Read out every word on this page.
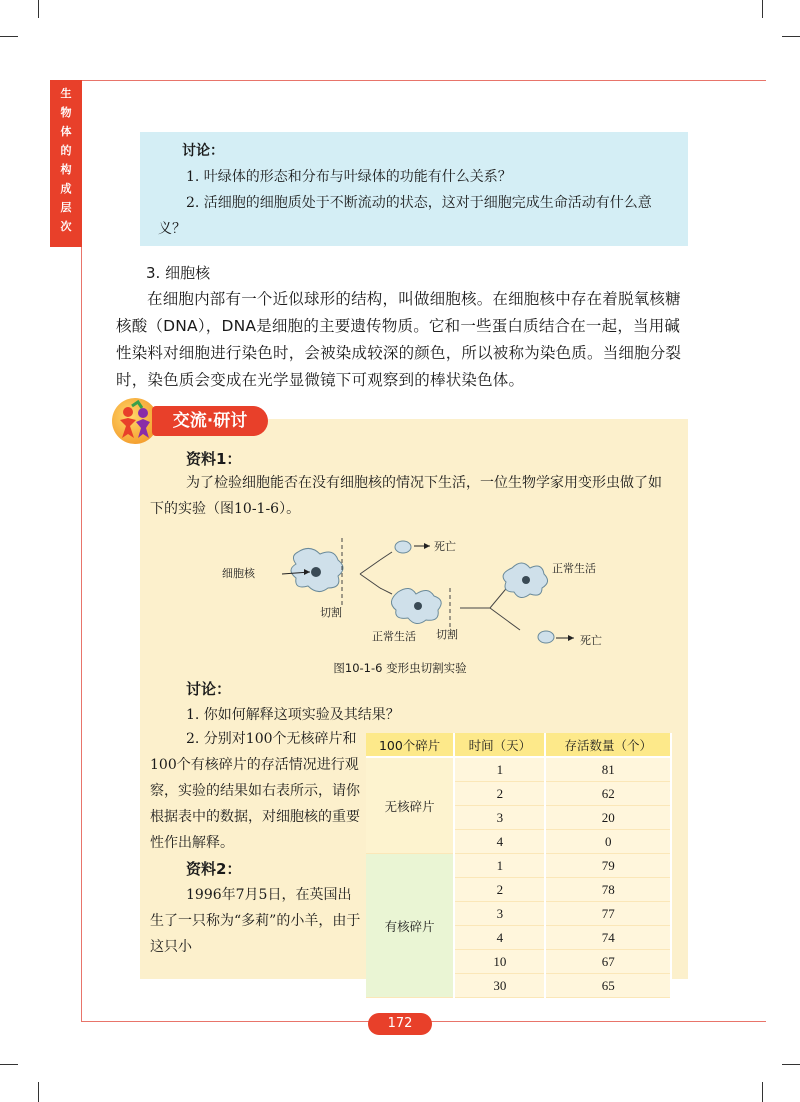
生
物
体
的
构
成
层
次
讨论：

1. 叶绿体的形态和分布与叶绿体的功能有什么关系？

2. 活细胞的细胞质处于不断流动的状态，这对于细胞完成生命活动有什么意义？

3. 细胞核

在细胞内部有一个近似球形的结构，叫做细胞核。在细胞核中存在着脱氧核糖核酸（DNA），DNA是细胞的主要遗传物质。它和一些蛋白质结合在一起，当用碱性染料对细胞进行染色时，会被染成较深的颜色，所以被称为染色质。当细胞分裂时，染色质会变成在光学显微镜下可观察到的棒状染色体。

交流·研讨
资料1：

为了检验细胞能否在没有细胞核的情况下生活，一位生物学家用变形虫做了如下的实验（图10-1-6）。

细胞核
死亡
切割
正常生活 切割
正常生活
死亡
图10-1-6 变形虫切割实验
讨论：
1. 你如何解释这项实验及其结果？

2. 分别对100个无核碎片和100个有核碎片的存活情况进行观察，实验的结果如右表所示，请你根据表中的数据，对细胞核的重要性作出解释。

资料2：

1996年7月5日，在英国出生了一只称为“多莉”的小羊，由于这只小

100个碎片	时间（天）	存活数量（个）
无核碎片	1	81
	2	62
	3	20
	4	0
有核碎片	1	79
	2	78
	3	77
	4	74
	10	67
	30	65
172
